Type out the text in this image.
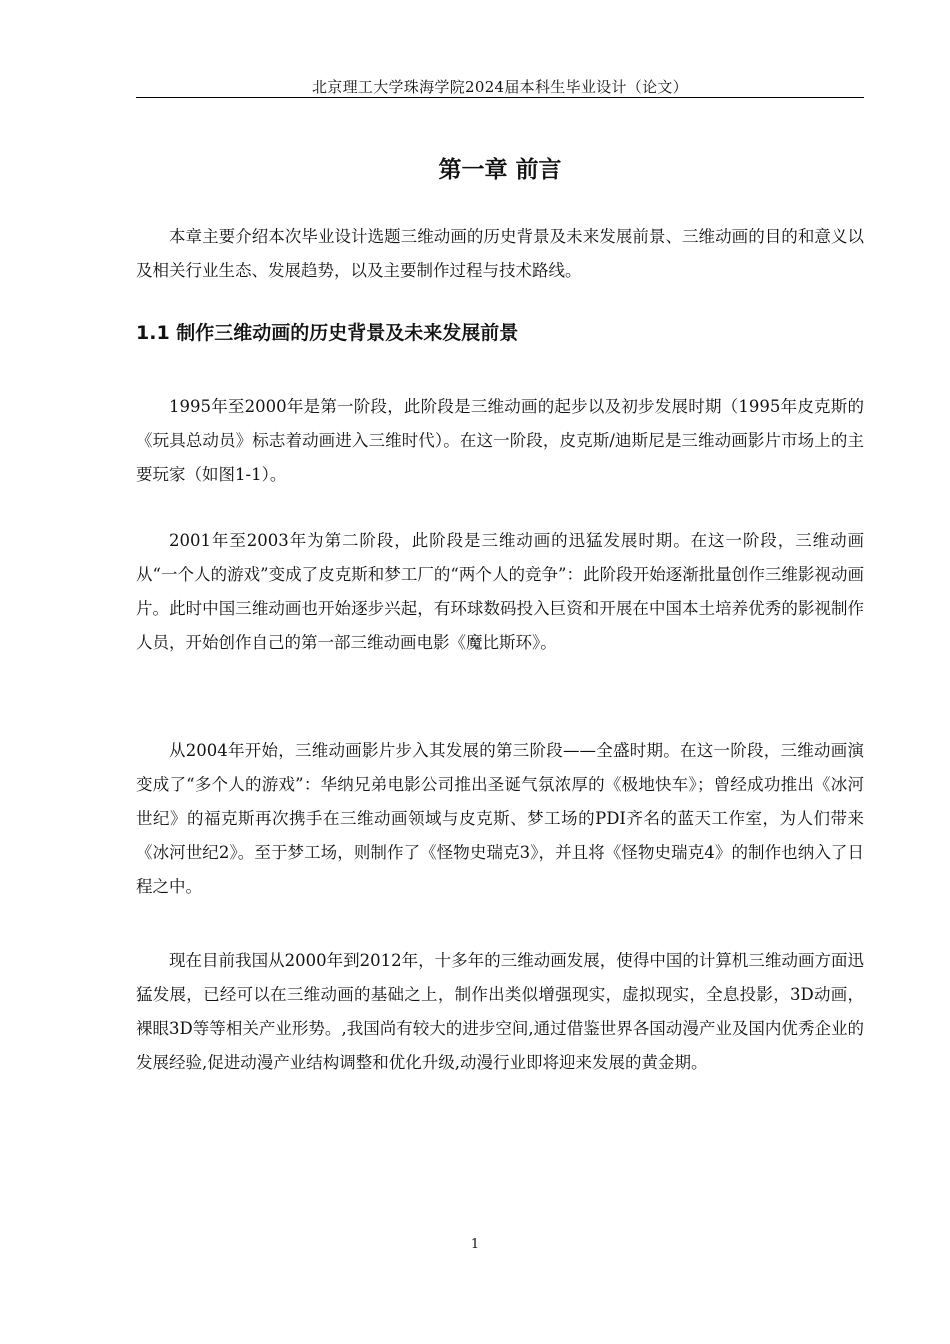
北京理工大学珠海学院2024届本科生毕业设计（论文）
第一章 前言

本章主要介绍本次毕业设计选题三维动画的历史背景及未来发展前景、三维动画的目的和意义以及相关行业生态、发展趋势，以及主要制作过程与技术路线。

1.1 制作三维动画的历史背景及未来发展前景

1995年至2000年是第一阶段，此阶段是三维动画的起步以及初步发展时期（1995年皮克斯的《玩具总动员》标志着动画进入三维时代）。在这一阶段，皮克斯/迪斯尼是三维动画影片市场上的主要玩家（如图1-1）。

2001年至2003年为第二阶段，此阶段是三维动画的迅猛发展时期。在这一阶段，三维动画从“一个人的游戏”变成了皮克斯和梦工厂的“两个人的竞争”：此阶段开始逐渐批量创作三维影视动画片。此时中国三维动画也开始逐步兴起，有环球数码投入巨资和开展在中国本土培养优秀的影视制作人员，开始创作自己的第一部三维动画电影《魔比斯环》。

从2004年开始，三维动画影片步入其发展的第三阶段——全盛时期。在这一阶段，三维动画演变成了“多个人的游戏”：华纳兄弟电影公司推出圣诞气氛浓厚的《极地快车》；曾经成功推出《冰河世纪》的福克斯再次携手在三维动画领域与皮克斯、梦工场的PDI齐名的蓝天工作室，为人们带来《冰河世纪2》。至于梦工场，则制作了《怪物史瑞克3》，并且将《怪物史瑞克4》的制作也纳入了日程之中。

现在目前我国从2000年到2012年，十多年的三维动画发展，使得中国的计算机三维动画方面迅猛发展，已经可以在三维动画的基础之上，制作出类似增强现实，虚拟现实，全息投影，3D动画，裸眼3D等等相关产业形势。,我国尚有较大的进步空间,通过借鉴世界各国动漫产业及国内优秀企业的发展经验,促进动漫产业结构调整和优化升级,动漫行业即将迎来发展的黄金期。

1
